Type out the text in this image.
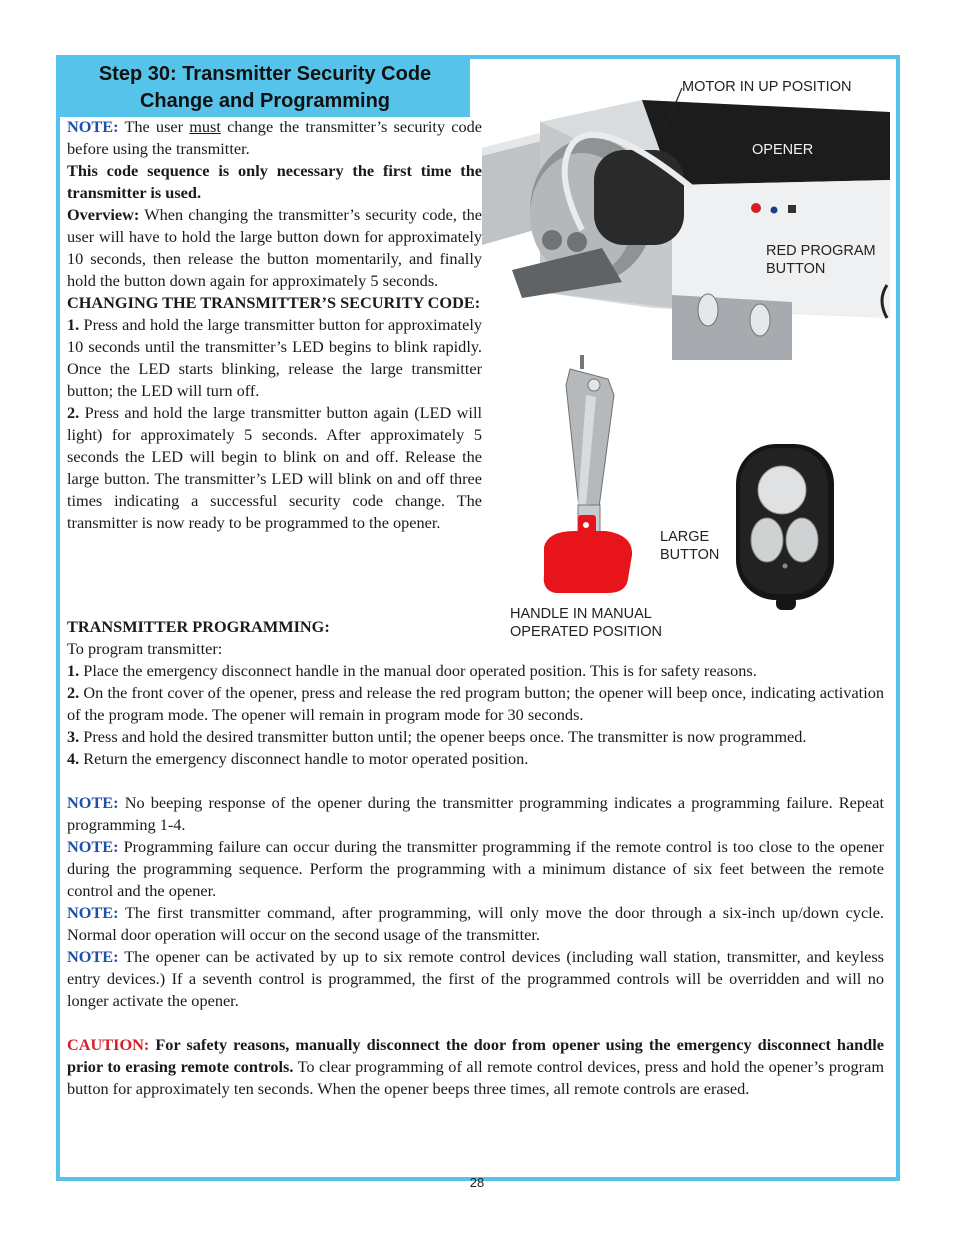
Step 30: Transmitter Security Code
Change and Programming

NOTE: The user must change the transmitter’s security code before using the transmitter.

This code sequence is only necessary the first time the transmitter is used.

Overview: When changing the transmitter’s security code, the user will have to hold the large button down for approximately 10 seconds, then release the button momentarily, and finally hold the button down again for approximately 5 seconds.

CHANGING THE TRANSMITTER’S SECURITY CODE:

1. Press and hold the large transmitter button for approximately 10 seconds until the transmitter’s LED begins to blink rapidly. Once the LED starts blinking, release the large transmitter button; the LED will turn off.

2. Press and hold the large transmitter button again (LED will light) for approximately 5 seconds. After approximately 5 seconds the LED will begin to blink on and off. Release the large button. The transmitter’s LED will blink on and off three times indicating a successful security code change. The transmitter is now ready to be programmed to the opener.

TRANSMITTER PROGRAMMING:

To program transmitter:

1. Place the emergency disconnect handle in the manual door operated position. This is for safety reasons.

2. On the front cover of the opener, press and release the red program button; the opener will beep once, indicating activation of the program mode. The opener will remain in program mode for 30 seconds.

3. Press and hold the desired transmitter button until; the opener beeps once. The transmitter is now programmed.

4. Return the emergency disconnect handle to motor operated position.

NOTE: No beeping response of the opener during the transmitter programming indicates a programming failure. Repeat programming 1-4.

NOTE: Programming failure can occur during the transmitter programming if the remote control is too close to the opener during the programming sequence. Perform the programming with a minimum distance of six feet between the remote control and the opener.

NOTE: The first transmitter command, after programming, will only move the door through a six-inch up/down cycle. Normal door operation will occur on the second usage of the transmitter.

NOTE: The opener can be activated by up to six remote control devices (including wall station, transmitter, and keyless entry devices.) If a seventh control is programmed, the first of the programmed controls will be overridden and will no longer activate the opener.

CAUTION: For safety reasons, manually disconnect the door from opener using the emergency disconnect handle prior to erasing remote controls. To clear programming of all remote control devices, press and hold the opener’s program button for approximately ten seconds. When the opener beeps three times, all remote controls are erased.

MOTOR IN UP POSITION
OPENER
RED PROGRAM
BUTTON
HANDLE IN MANUAL
OPERATED POSITION
LARGE
BUTTON
28
